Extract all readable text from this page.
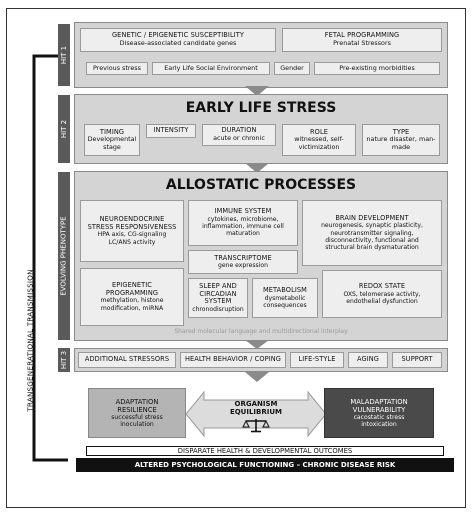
TRANSGENERATIONAL TRANSMISSION
HIT 1
HIT 2
EVOLVING PHENOTYPE
HIT 3
GENETIC / EPIGENETIC SUSCEPTIBILITY
Disease-associated candidate genes
FETAL PROGRAMMING
Prenatal Stressors
Previous stress	Early Life Social Environment	Gender	Pre-existing morbidities
EARLY LIFE STRESS
TIMING
Developmental stage
INTENSITY	DURATION
acute or chronic
ROLE
witnessed, self-victimization
TYPE
nature disaster, man-made
ALLOSTATIC PROCESSES
NEUROENDOCRINE STRESS RESPONSIVENESS
HPA axis, CG-signaling LC/ANS activity
IMMUNE SYSTEM
cytokines, microbiome, inflammation, immune cell maturation
BRAIN DEVELOPMENT
neurogenesis, synaptic plasticity, neurotransmitter signaling, disconnectivity, functional and structural brain dysmaturation
TRANSCRIPTOME
gene expression
EPIGENETIC PROGRAMMING
methylation, histone modification, miRNA
SLEEP AND CIRCADIAN SYSTEM
chronodisruption
METABOLISM
dysmetabolic consequences
REDOX STATE
OXS, telomerase activity, endothelial dysfunction
Shared molecular language and multidirectional interplay
ADDITIONAL STRESSORS HEALTH BEHAVIOR / COPING	LIFE-STYLE	AGING	SUPPORT
ADAPTATION RESILIENCE
successful stress inoculation
ORGANISM EQUILIBRIUM
MALADAPTATION VULNERABILITY
cacostatic stress intoxication
DISPARATE HEALTH & DEVELOPMENTAL OUTCOMES
ALTERED PSYCHOLOGICAL FUNCTIONING – CHRONIC DISEASE RISK
